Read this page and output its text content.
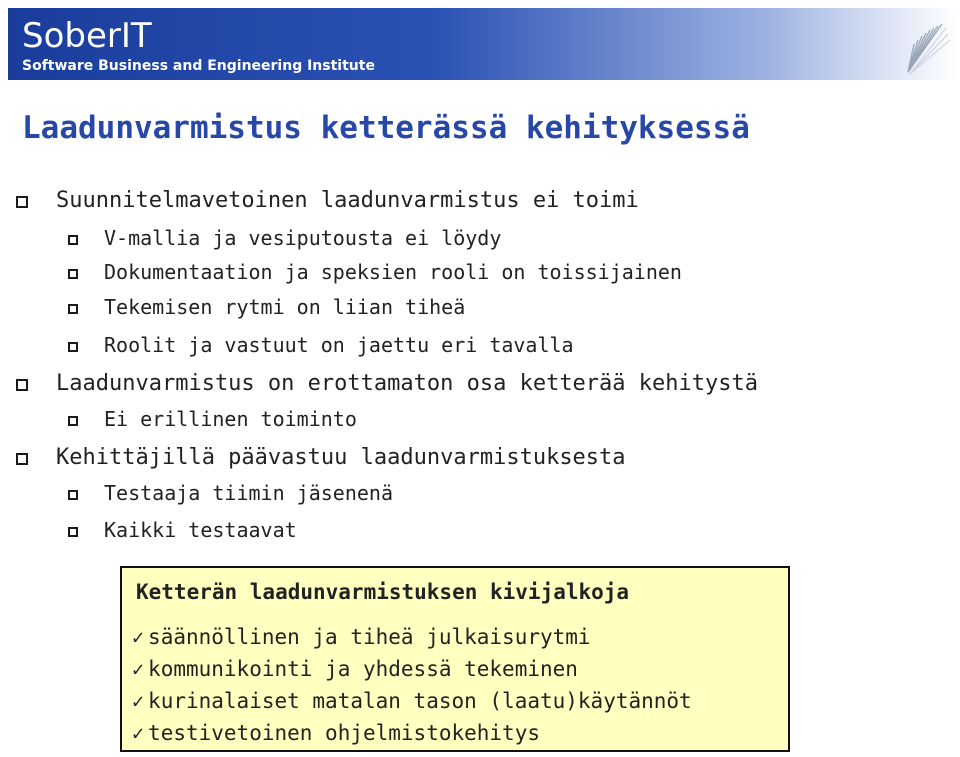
SoberIT
Software Business and Engineering Institute
Laadunvarmistus ketterässä kehityksessä
Suunnitelmavetoinen laadunvarmistus ei toimi
V-mallia ja vesiputousta ei löydy
Dokumentaation ja speksien rooli on toissijainen
Tekemisen rytmi on liian tiheä
Roolit ja vastuut on jaettu eri tavalla
Laadunvarmistus on erottamaton osa ketterää kehitystä
Ei erillinen toiminto
Kehittäjillä päävastuu laadunvarmistuksesta
Testaaja tiimin jäsenenä
Kaikki testaavat
Ketterän laadunvarmistuksen kivijalkoja
✓ säännöllinen ja tiheä julkaisurytmi
✓ kommunikointi ja yhdessä tekeminen
✓ kurinalaiset matalan tason (laatu)käytännöt
✓ testivetoinen ohjelmistokehitys
